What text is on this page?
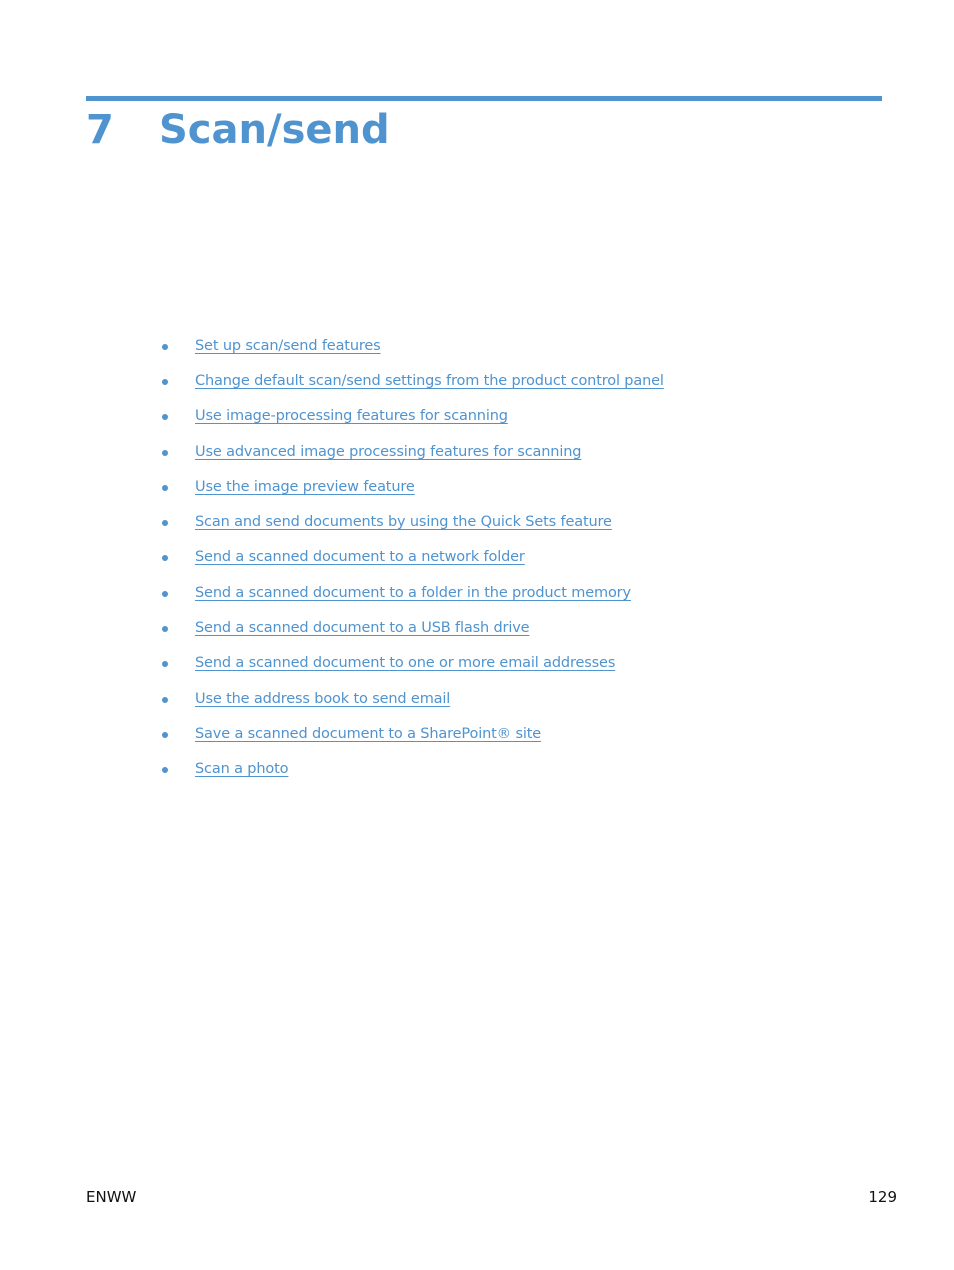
7 Scan/send
Set up scan/send features
Change default scan/send settings from the product control panel
Use image-processing features for scanning
Use advanced image processing features for scanning
Use the image preview feature
Scan and send documents by using the Quick Sets feature
Send a scanned document to a network folder
Send a scanned document to a folder in the product memory
Send a scanned document to a USB flash drive
Send a scanned document to one or more email addresses
Use the address book to send email
Save a scanned document to a SharePoint® site
Scan a photo
ENWW	129
